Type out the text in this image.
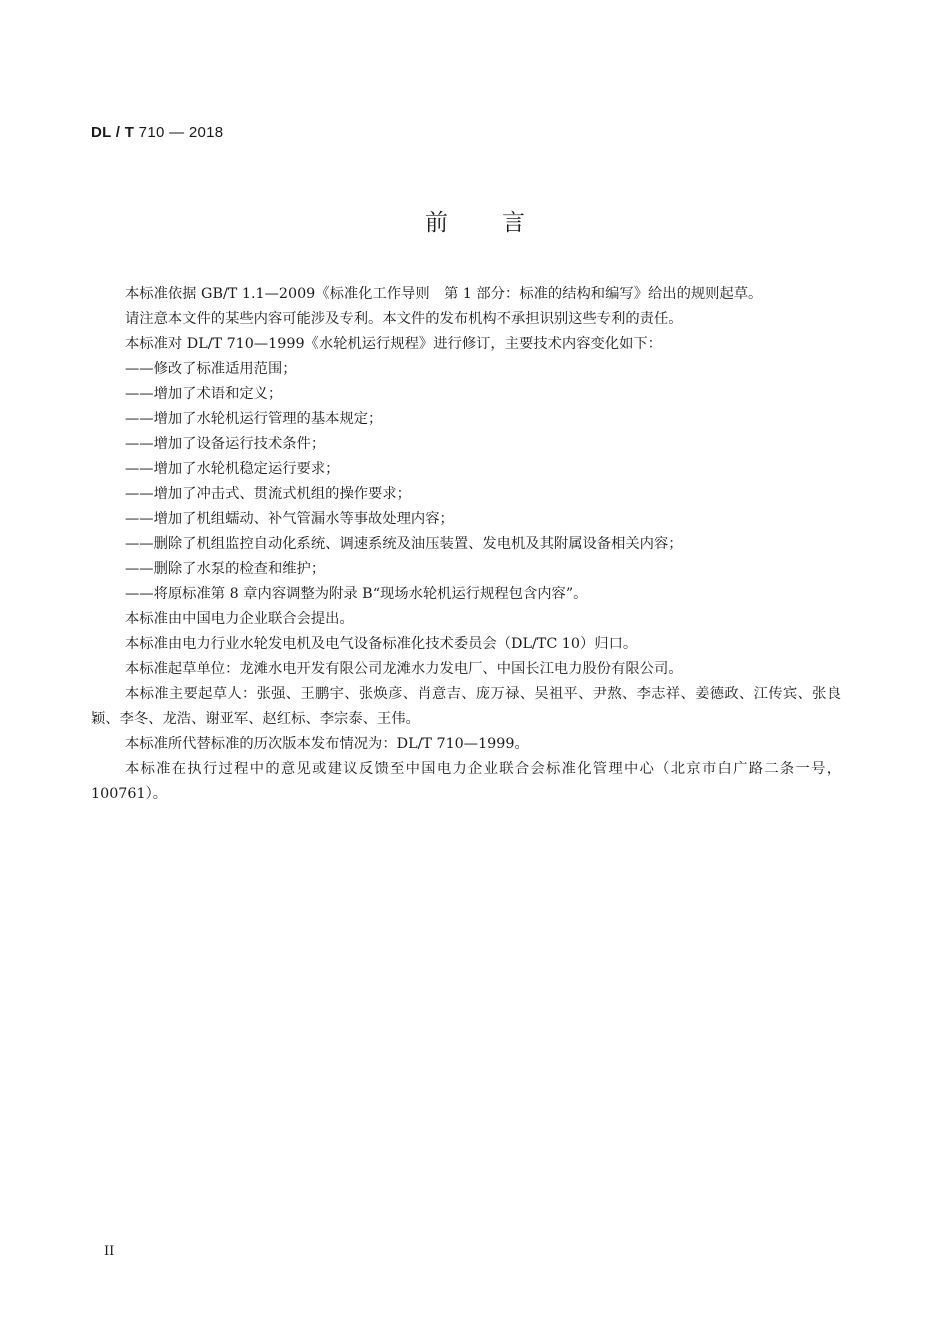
DL / T 710 — 2018
前 言

本标准依据 GB/T 1.1—2009《标准化工作导则　第 1 部分：标准的结构和编写》给出的规则起草。

请注意本文件的某些内容可能涉及专利。本文件的发布机构不承担识别这些专利的责任。

本标准对 DL/T 710—1999《水轮机运行规程》进行修订，主要技术内容变化如下：

——修改了标准适用范围；

——增加了术语和定义；

——增加了水轮机运行管理的基本规定；

——增加了设备运行技术条件；

——增加了水轮机稳定运行要求；

——增加了冲击式、贯流式机组的操作要求；

——增加了机组蠕动、补气管漏水等事故处理内容；

——删除了机组监控自动化系统、调速系统及油压装置、发电机及其附属设备相关内容；

——删除了水泵的检查和维护；

——将原标准第 8 章内容调整为附录 B“现场水轮机运行规程包含内容”。

本标准由中国电力企业联合会提出。

本标准由电力行业水轮发电机及电气设备标准化技术委员会（DL/TC 10）归口。

本标准起草单位：龙滩水电开发有限公司龙滩水力发电厂、中国长江电力股份有限公司。

本标准主要起草人：张强、王鹏宇、张焕彦、肖意吉、庞万禄、吴祖平、尹熬、李志祥、姜德政、江传宾、张良颖、李冬、龙浩、谢亚军、赵红标、李宗泰、王伟。

本标准所代替标准的历次版本发布情况为：DL/T 710—1999。

本标准在执行过程中的意见或建议反馈至中国电力企业联合会标准化管理中心（北京市白广路二条一号，100761）。

II
